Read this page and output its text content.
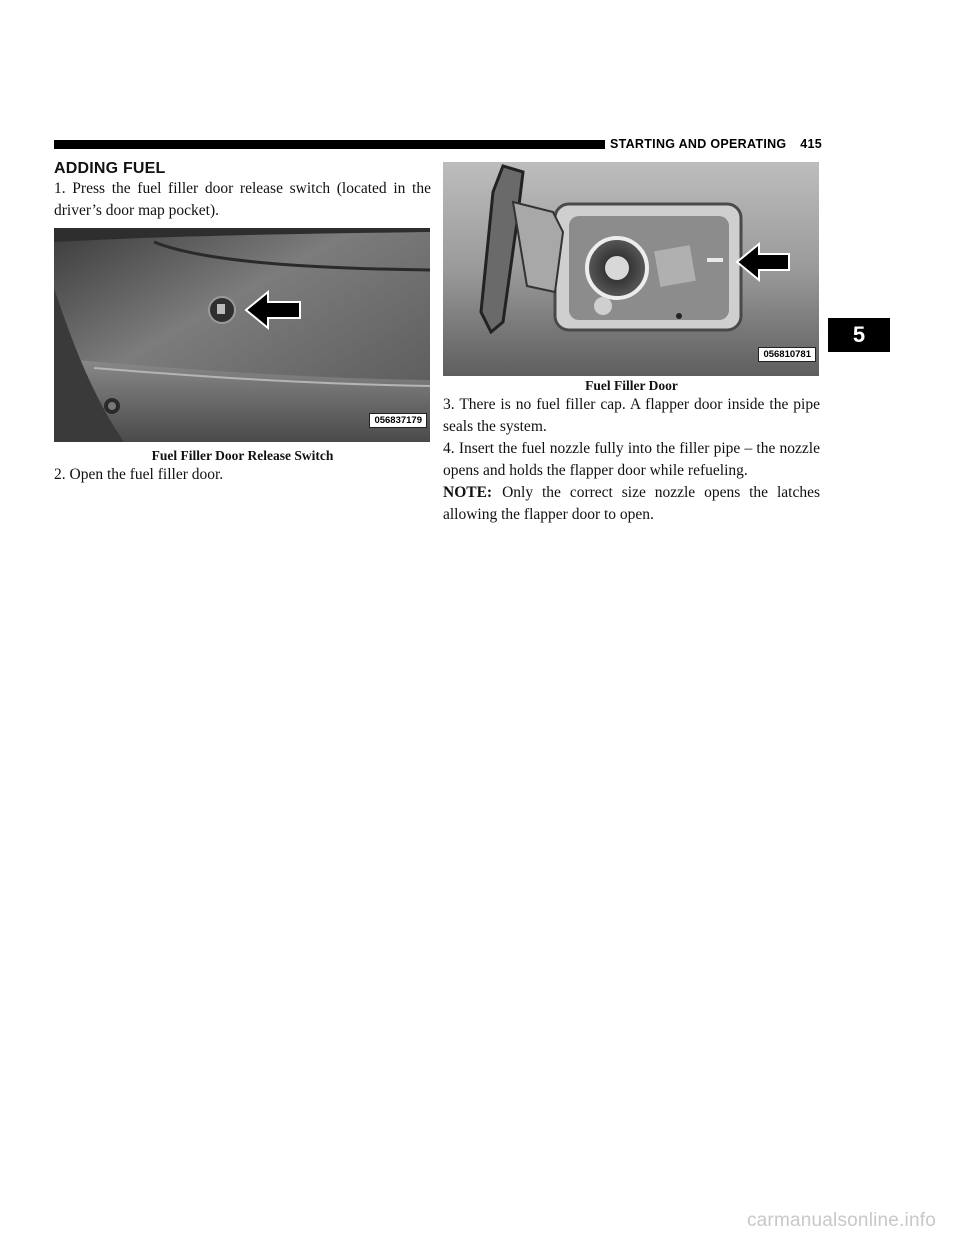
STARTING AND OPERATING 415
ADDING FUEL

1. Press the fuel filler door release switch (located in the driver’s door map pocket).

056837179
Fuel Filler Door Release Switch

2. Open the fuel filler door.

056810781
Fuel Filler Door

3. There is no fuel filler cap. A flapper door inside the pipe seals the system.

4. Insert the fuel nozzle fully into the filler pipe – the nozzle opens and holds the flapper door while refueling.

NOTE: Only the correct size nozzle opens the latches allowing the flapper door to open.

5
carmanualsonline.info
